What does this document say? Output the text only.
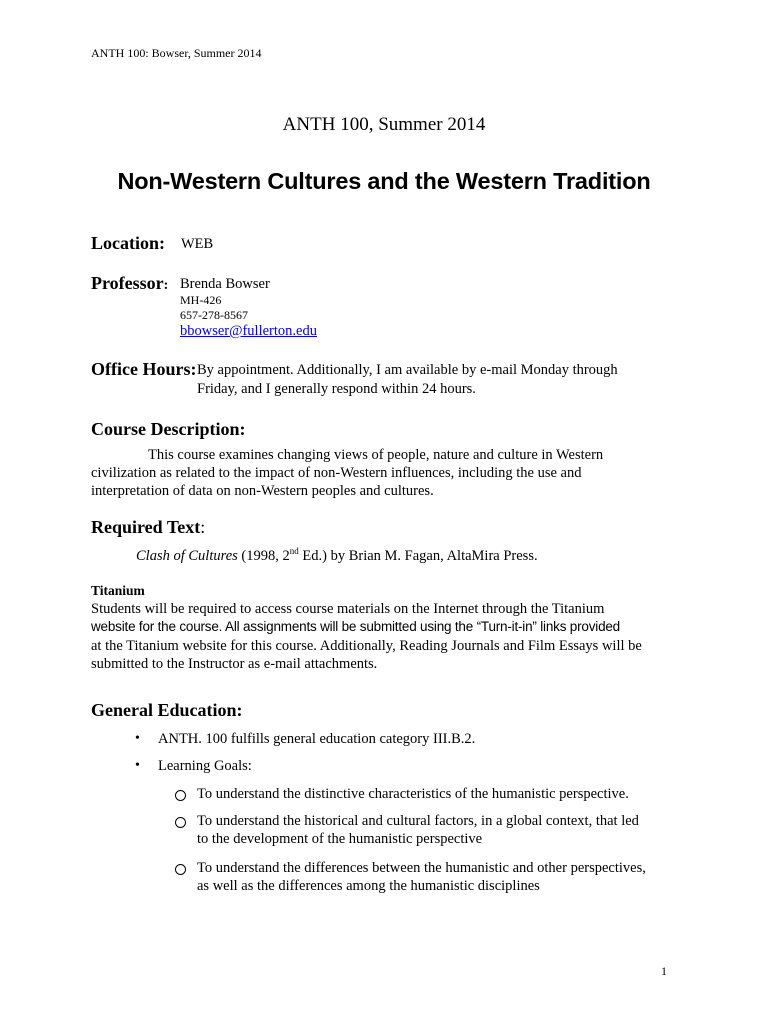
ANTH 100: Bowser, Summer 2014
ANTH 100, Summer 2014
Non-Western Cultures and the Western Tradition
Location: WEB
Professor: Brenda Bowser
MH-426
657-278-8567
bbowser@fullerton.edu
Office Hours: By appointment. Additionally, I am available by e-mail Monday through
Friday, and I generally respond within 24 hours.
Course Description:
This course examines changing views of people, nature and culture in Western
civilization as related to the impact of non-Western influences, including the use and
interpretation of data on non-Western peoples and cultures.
Required Text:
Clash of Cultures (1998, 2nd Ed.) by Brian M. Fagan, AltaMira Press.
Titanium
Students will be required to access course materials on the Internet through the Titanium
website for the course. All assignments will be submitted using the “Turn-it-in” links provided
at the Titanium website for this course. Additionally, Reading Journals and Film Essays will be
submitted to the Instructor as e-mail attachments.
General Education:
• ANTH. 100 fulfills general education category III.B.2.
• Learning Goals:
To understand the distinctive characteristics of the humanistic perspective.
To understand the historical and cultural factors, in a global context, that led
to the development of the humanistic perspective
To understand the differences between the humanistic and other perspectives,
as well as the differences among the humanistic disciplines
1
